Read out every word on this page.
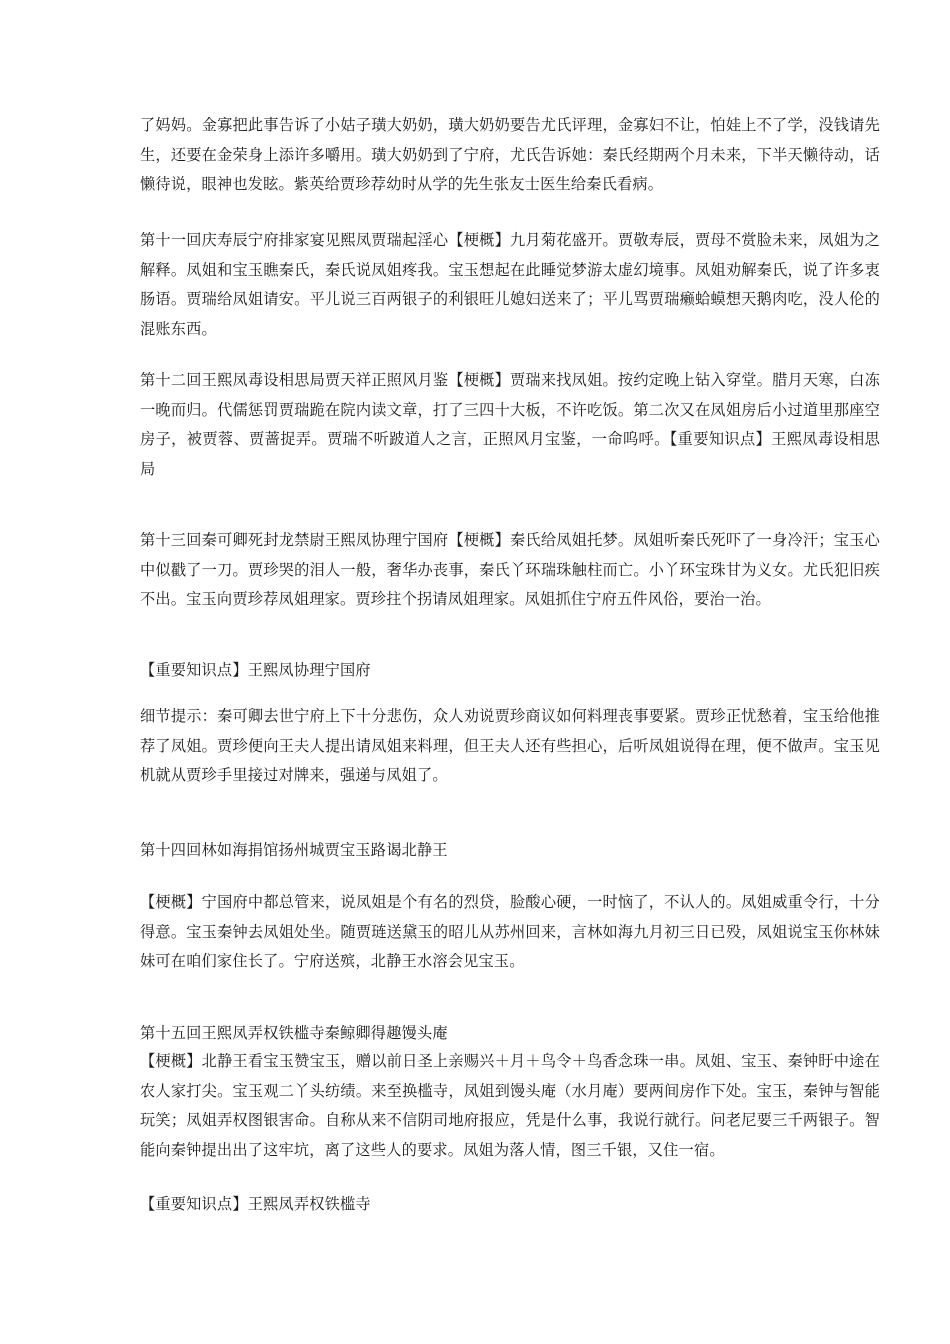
了妈妈。金寡把此事告诉了小姑子璜大奶奶，璜大奶奶要告尤氏评理，金寡妇不让，怕娃上不了学，没钱请先生，还要在金荣身上添许多嚼用。璜大奶奶到了宁府，尤氏告诉她：秦氏经期两个月未来，下半天懒待动，话懒待说，眼神也发眩。紫英给贾珍荐幼时从学的先生张友士医生给秦氏看病。

第十一回庆寿辰宁府排家宴见熙凤贾瑞起淫心【梗概】九月菊花盛开。贾敬寿辰，贾母不赏脸未来，凤姐为之解释。凤姐和宝玉瞧秦氏，秦氏说凤姐疼我。宝玉想起在此睡觉梦游太虚幻境事。凤姐劝解秦氏，说了许多衷肠语。贾瑞给凤姐请安。平儿说三百两银子的利银旺儿媳妇送来了；平儿骂贾瑞癞蛤蟆想天鹅肉吃，没人伦的混账东西。

第十二回王熙凤毒设相思局贾天祥正照风月鉴【梗概】贾瑞来找凤姐。按约定晚上钻入穿堂。腊月天寒，白冻一晚而归。代儒惩罚贾瑞跪在院内读文章，打了三四十大板，不许吃饭。第二次又在凤姐房后小过道里那座空房子，被贾蓉、贾蔷捉弄。贾瑞不听跛道人之言，正照风月宝鉴，一命呜呼。【重要知识点】王熙凤毒设相思局

第十三回秦可卿死封龙禁尉王熙凤协理宁国府【梗概】秦氏给凤姐托梦。凤姐听秦氏死吓了一身冷汗；宝玉心中似戳了一刀。贾珍哭的泪人一般，奢华办丧事，秦氏丫环瑞珠触柱而亡。小丫环宝珠甘为义女。尤氏犯旧疾不出。宝玉向贾珍荐凤姐理家。贾珍拄个拐请凤姐理家。凤姐抓住宁府五件风俗，要治一治。

【重要知识点】王熙凤协理宁国府

细节提示：秦可卿去世宁府上下十分悲伤，众人劝说贾珍商议如何料理丧事要紧。贾珍正忧愁着，宝玉给他推荐了凤姐。贾珍便向王夫人提出请凤姐来料理，但王夫人还有些担心，后听凤姐说得在理，便不做声。宝玉见机就从贾珍手里接过对牌来，强递与凤姐了。

第十四回林如海捐馆扬州城贾宝玉路谒北静王

【梗概】宁国府中都总管来，说凤姐是个有名的烈贷，脸酸心硬，一时恼了，不认人的。凤姐威重令行，十分得意。宝玉秦钟去凤姐处坐。随贾琏送黛玉的昭儿从苏州回来，言林如海九月初三日已殁，凤姐说宝玉你林妹妹可在咱们家住长了。宁府送殡，北静王水溶会见宝玉。

第十五回王熙凤弄权铁槛寺秦鲸卿得趣馒头庵

【梗概】北静王看宝玉赞宝玉，赠以前日圣上亲赐兴＋月＋鸟令＋鸟香念珠一串。凤姐、宝玉、秦钟盱中途在农人家打尖。宝玉观二丫头纺绩。来至换槛寺，凤姐到馒头庵（水月庵）要两间房作下处。宝玉，秦钟与智能玩笑；凤姐弄权图银害命。自称从来不信阴司地府报应，凭是什么事，我说行就行。问老尼要三千两银子。智能向秦钟提出出了这牢坑，离了这些人的要求。凤姐为落人情，图三千银，又住一宿。

【重要知识点】王熙凤弄权铁槛寺
